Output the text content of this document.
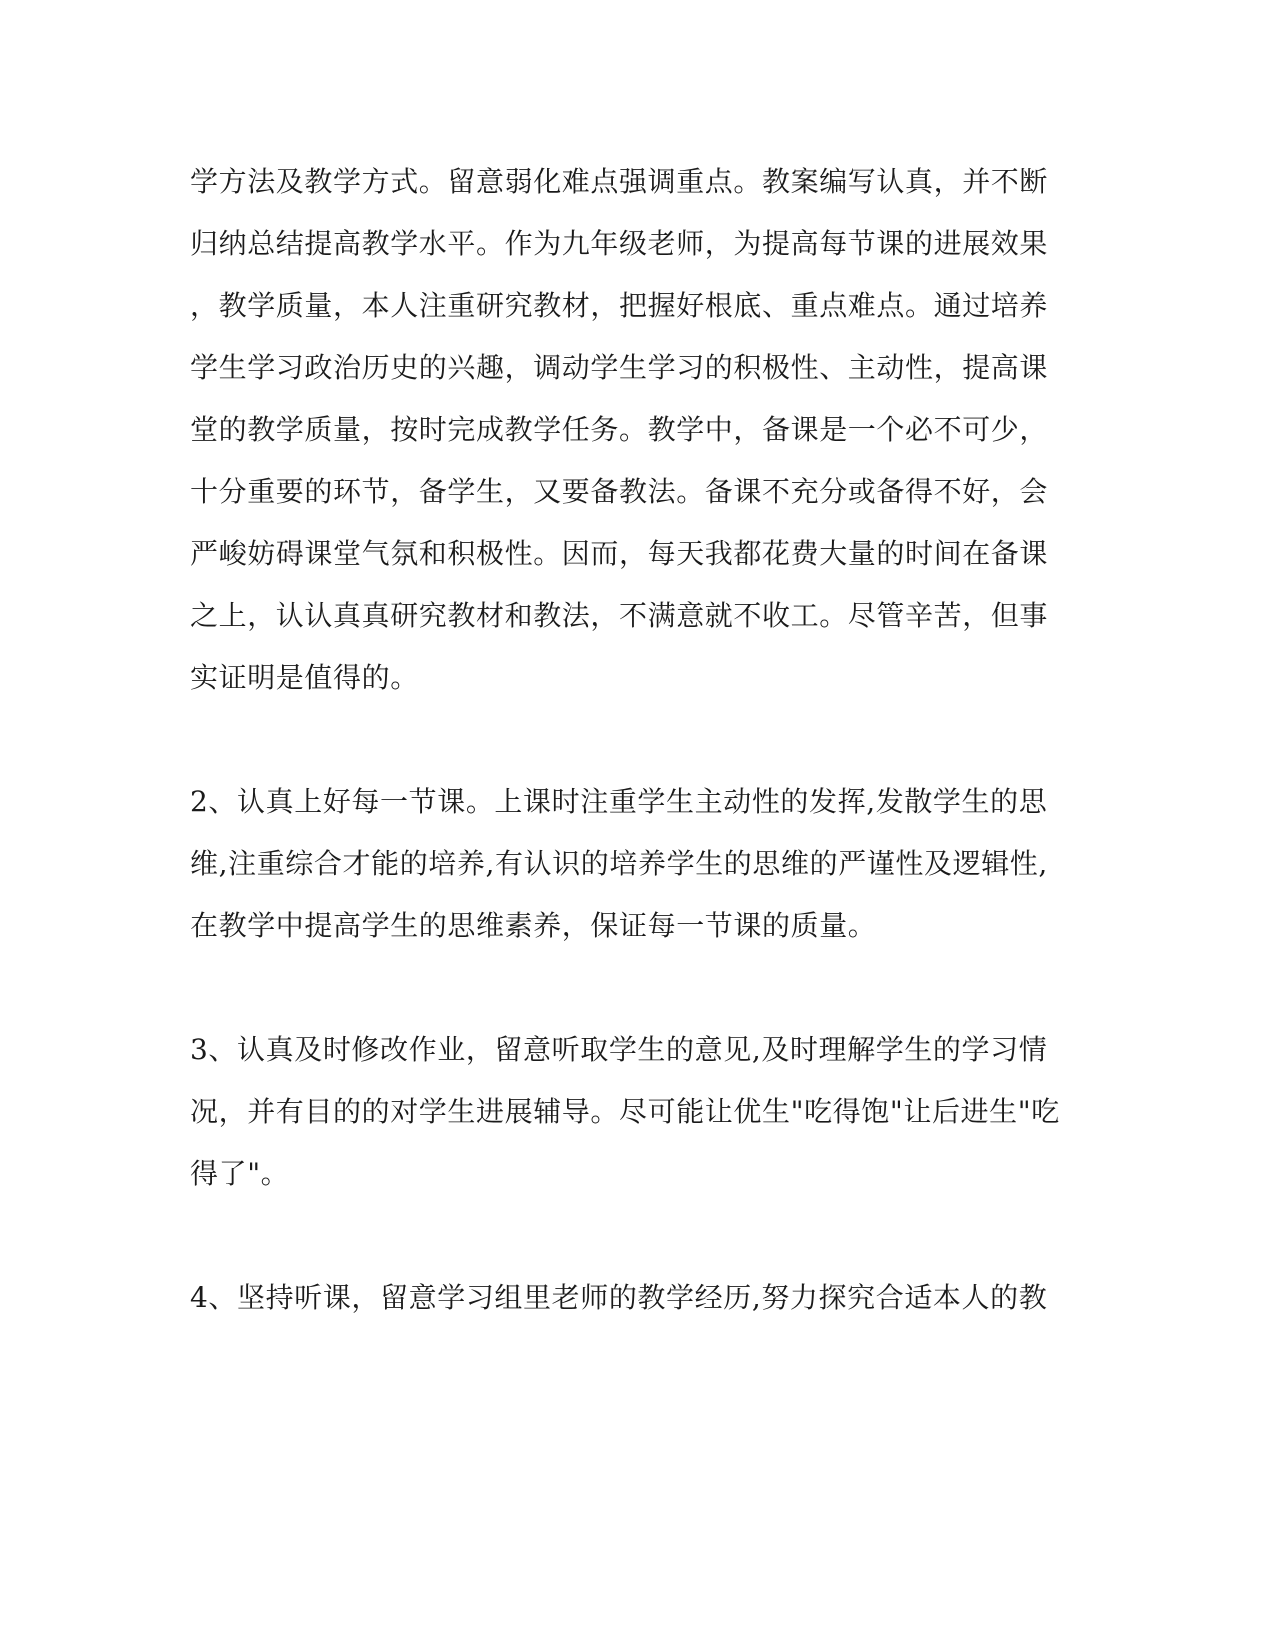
学方法及教学方式。留意弱化难点强调重点。教案编写认真，并不断

归纳总结提高教学水平。作为九年级老师，为提高每节课的进展效果

，教学质量，本人注重研究教材，把握好根底、重点难点。通过培养

学生学习政治历史的兴趣，调动学生学习的积极性、主动性，提高课

堂的教学质量，按时完成教学任务。教学中，备课是一个必不可少，

十分重要的环节，备学生，又要备教法。备课不充分或备得不好，会

严峻妨碍课堂气氛和积极性。因而，每天我都花费大量的时间在备课

之上，认认真真研究教材和教法，不满意就不收工。尽管辛苦，但事

实证明是值得的。

2、认真上好每一节课。上课时注重学生主动性的发挥,发散学生的思

维,注重综合才能的培养,有认识的培养学生的思维的严谨性及逻辑性,

在教学中提高学生的思维素养，保证每一节课的质量。

3、认真及时修改作业，留意听取学生的意见,及时理解学生的学习情

况，并有目的的对学生进展辅导。尽可能让优生"吃得饱"让后进生"吃

得了"。

4、坚持听课，留意学习组里老师的教学经历,努力探究合适本人的教
